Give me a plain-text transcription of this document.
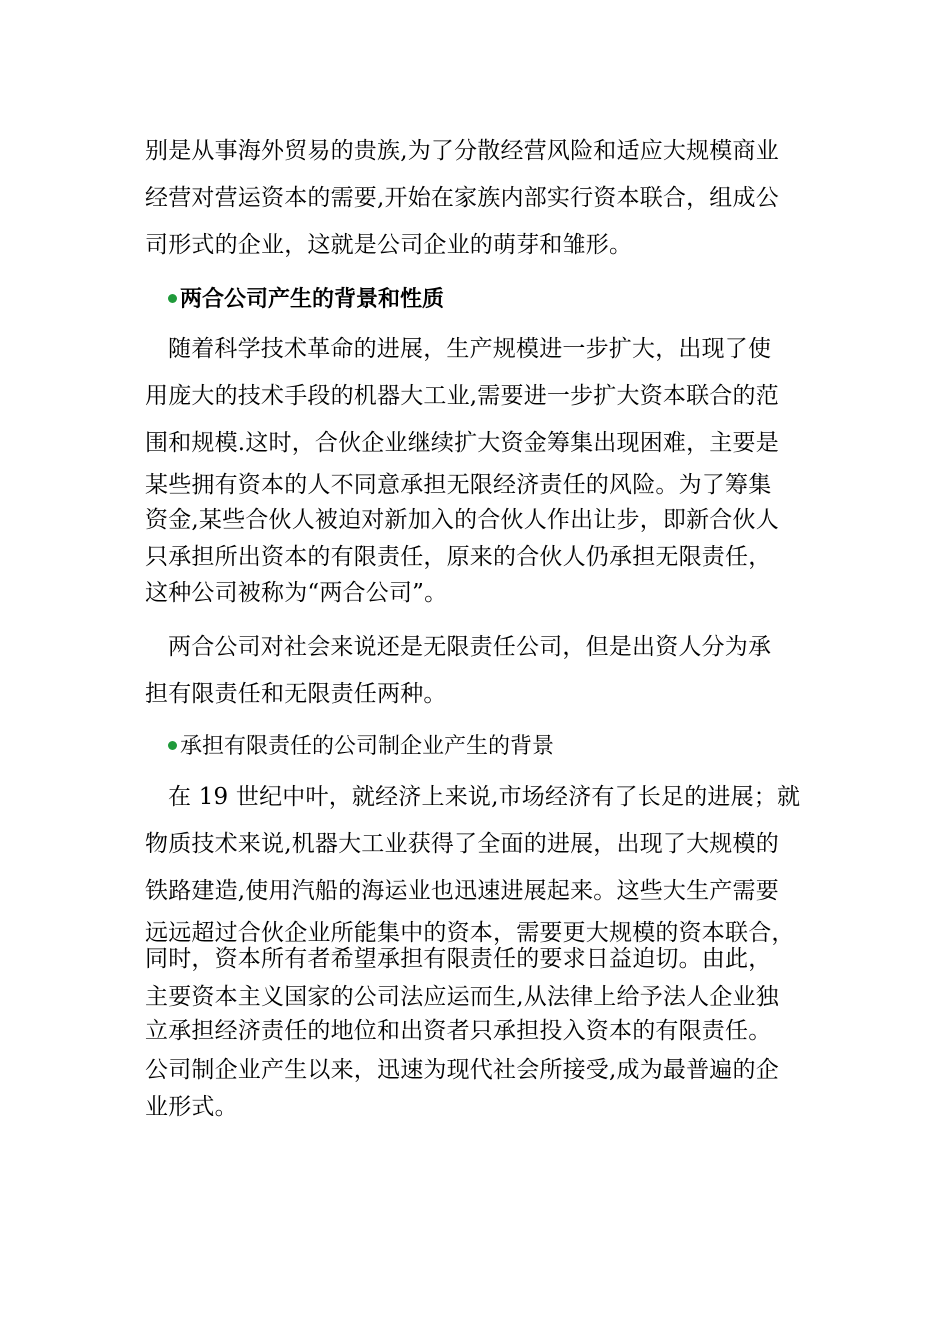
别是从事海外贸易的贵族,为了分散经营风险和适应大规模商业
经营对营运资本的需要,开始在家族内部实行资本联合，组成公
司形式的企业，这就是公司企业的萌芽和雏形。
两合公司产生的背景和性质
随着科学技术革命的进展，生产规模进一步扩大，出现了使
用庞大的技术手段的机器大工业,需要进一步扩大资本联合的范
围和规模.这时，合伙企业继续扩大资金筹集出现困难，主要是
某些拥有资本的人不同意承担无限经济责任的风险。为了筹集
资金,某些合伙人被迫对新加入的合伙人作出让步，即新合伙人
只承担所出资本的有限责任，原来的合伙人仍承担无限责任，
这种公司被称为“两合公司”。
两合公司对社会来说还是无限责任公司，但是出资人分为承
担有限责任和无限责任两种。
承担有限责任的公司制企业产生的背景
在 19 世纪中叶，就经济上来说,市场经济有了长足的进展；就
物质技术来说,机器大工业获得了全面的进展，出现了大规模的
铁路建造,使用汽船的海运业也迅速进展起来。这些大生产需要
远远超过合伙企业所能集中的资本，需要更大规模的资本联合，
同时，资本所有者希望承担有限责任的要求日益迫切。由此，
主要资本主义国家的公司法应运而生,从法律上给予法人企业独
立承担经济责任的地位和出资者只承担投入资本的有限责任。
公司制企业产生以来，迅速为现代社会所接受,成为最普遍的企
业形式。
